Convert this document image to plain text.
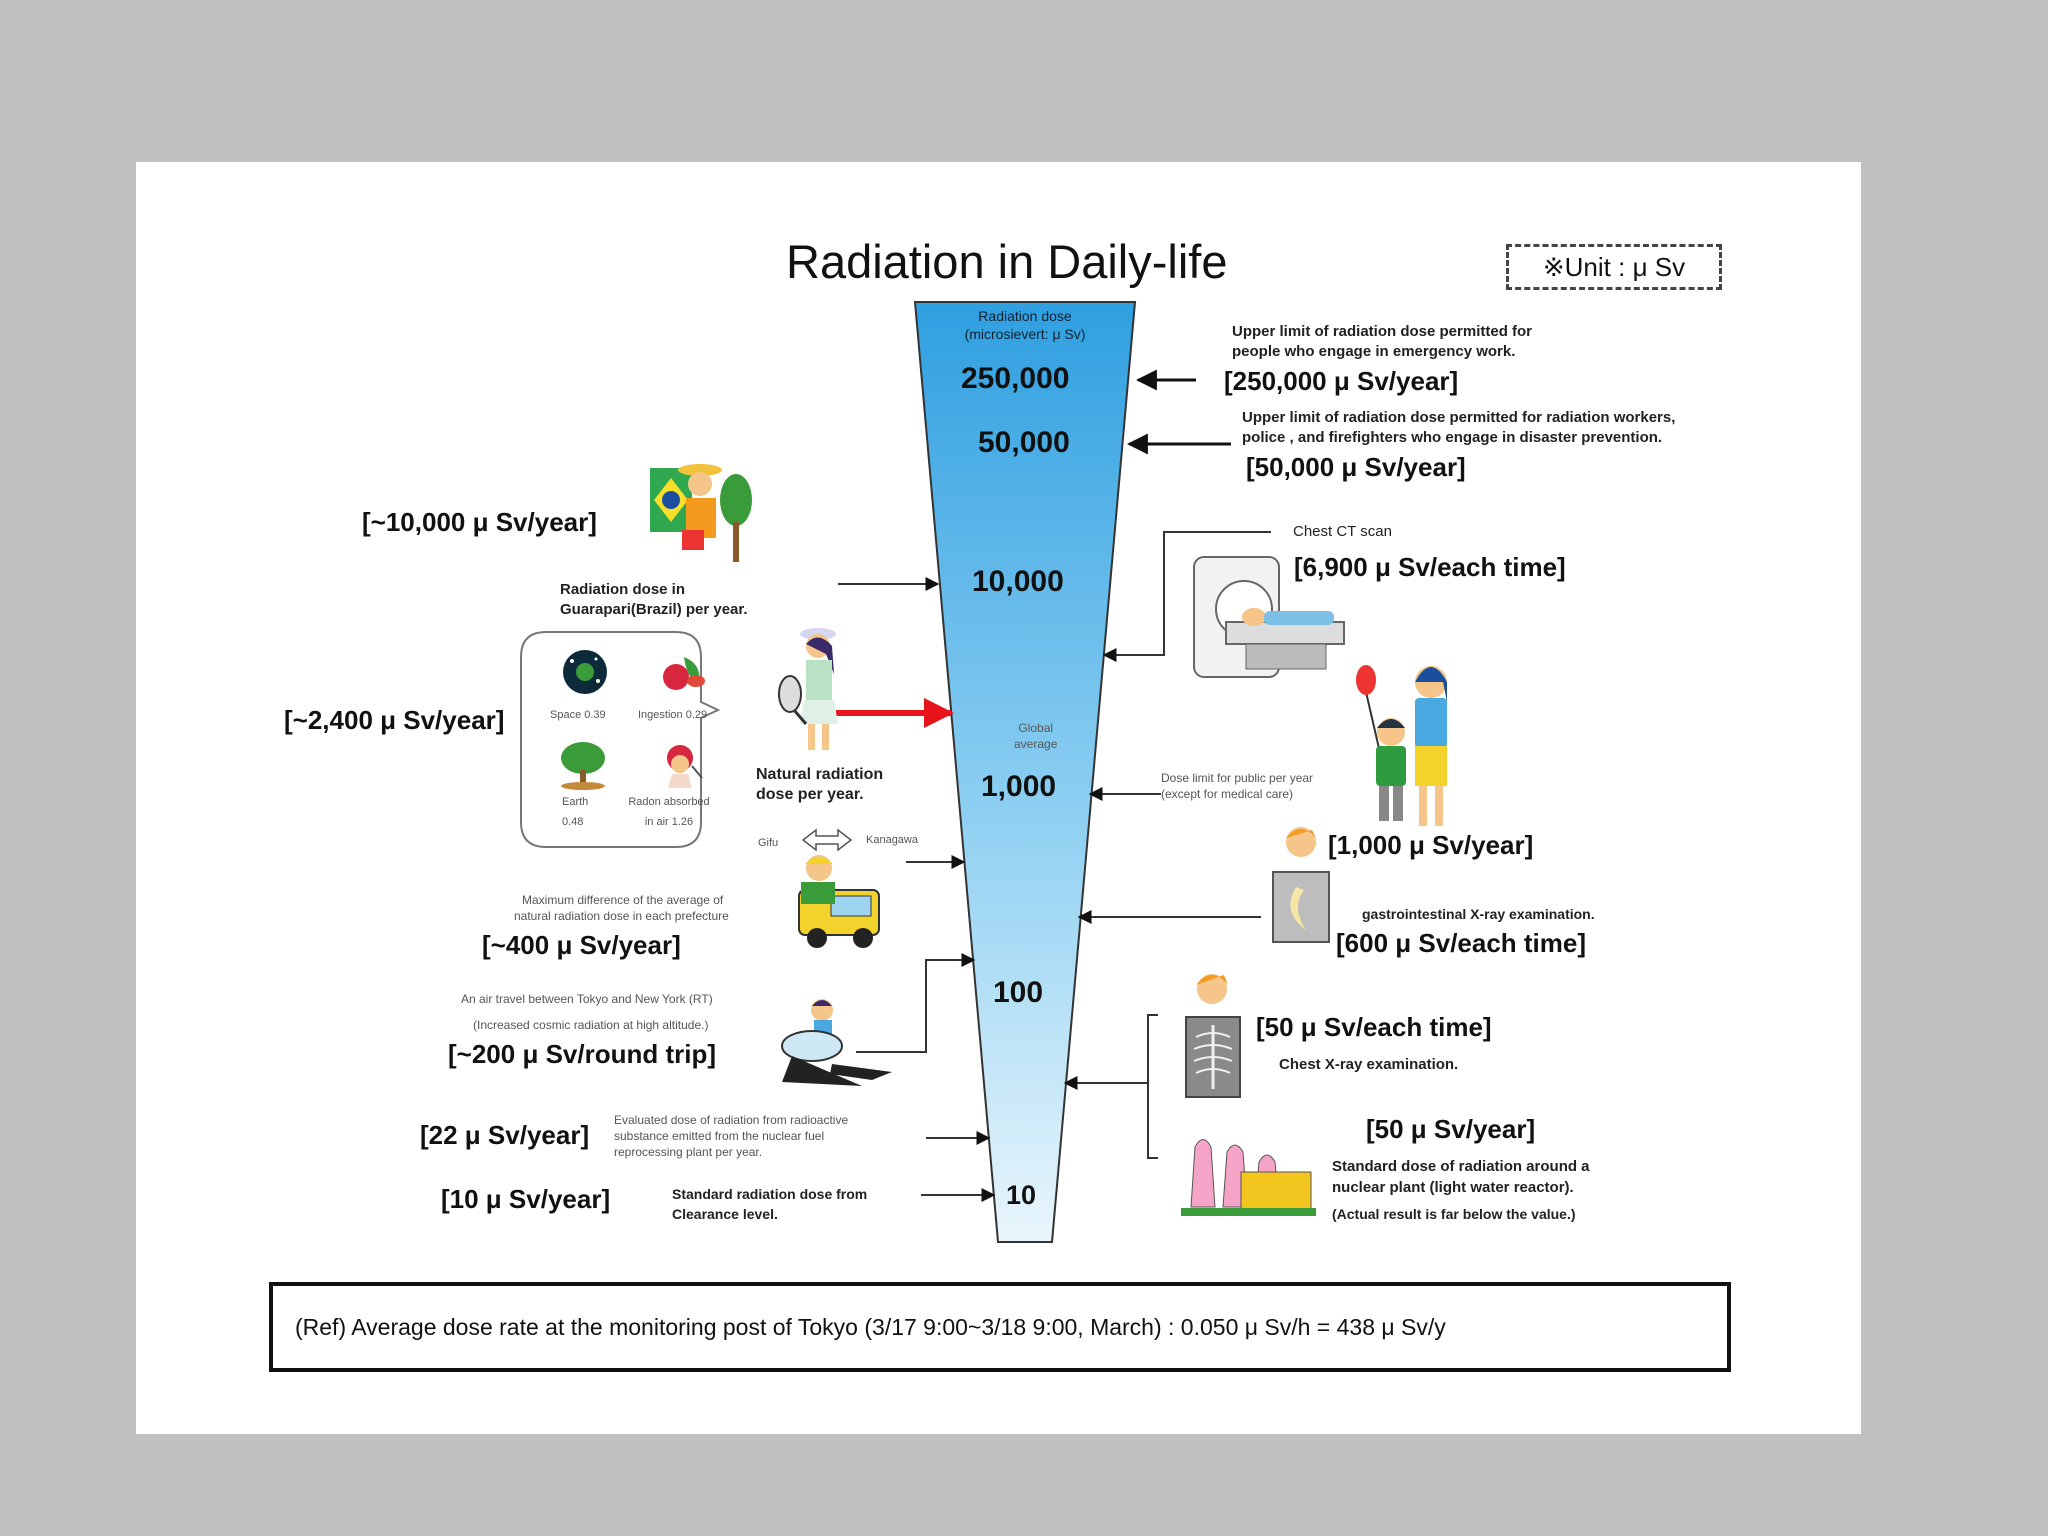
Radiation in Daily-life	※Unit : μ Sv
Radiation dose
(microsievert: μ Sv)
250,000
50,000
10,000
1,000
100
10
Upper limit of radiation dose permitted for
people who engage in emergency work.
[250,000 μ Sv/year]
Upper limit of radiation dose permitted for radiation workers,
police , and firefighters who engage in disaster prevention.
[50,000 μ Sv/year]
Chest CT scan
[6,900 μ Sv/each time]
Dose limit for public per year
(except for medical care)
[1,000 μ Sv/year]
gastrointestinal X-ray examination.
[600 μ Sv/each time]
[50 μ Sv/each time]
Chest X-ray examination.
[50 μ Sv/year]
Standard dose of radiation around a
nuclear plant (light water reactor).
(Actual result is far below the value.)
[~10,000 μ Sv/year]
Radiation dose in
Guarapari(Brazil) per year.
[~2,400 μ Sv/year]	Space 0.39	Ingestion 0.29
Earth
0.48
Radon absorbed
in air 1.26
Global
average
Natural radiation
dose per year.
Gifu	Kanagawa
Maximum difference of the average of
natural radiation dose in each prefecture
[~400 μ Sv/year]
An air travel between Tokyo and New York (RT)
(Increased cosmic radiation at high altitude.)
[~200 μ Sv/round trip]
[22 μ Sv/year] Evaluated dose of radiation from radioactive
substance emitted from the nuclear fuel
reprocessing plant per year.
[10 μ Sv/year]	Standard radiation dose from
Clearance level.
(Ref) Average dose rate at the monitoring post of Tokyo (3/17 9:00~3/18 9:00, March) : 0.050 μ Sv/h = 438 μ Sv/y
